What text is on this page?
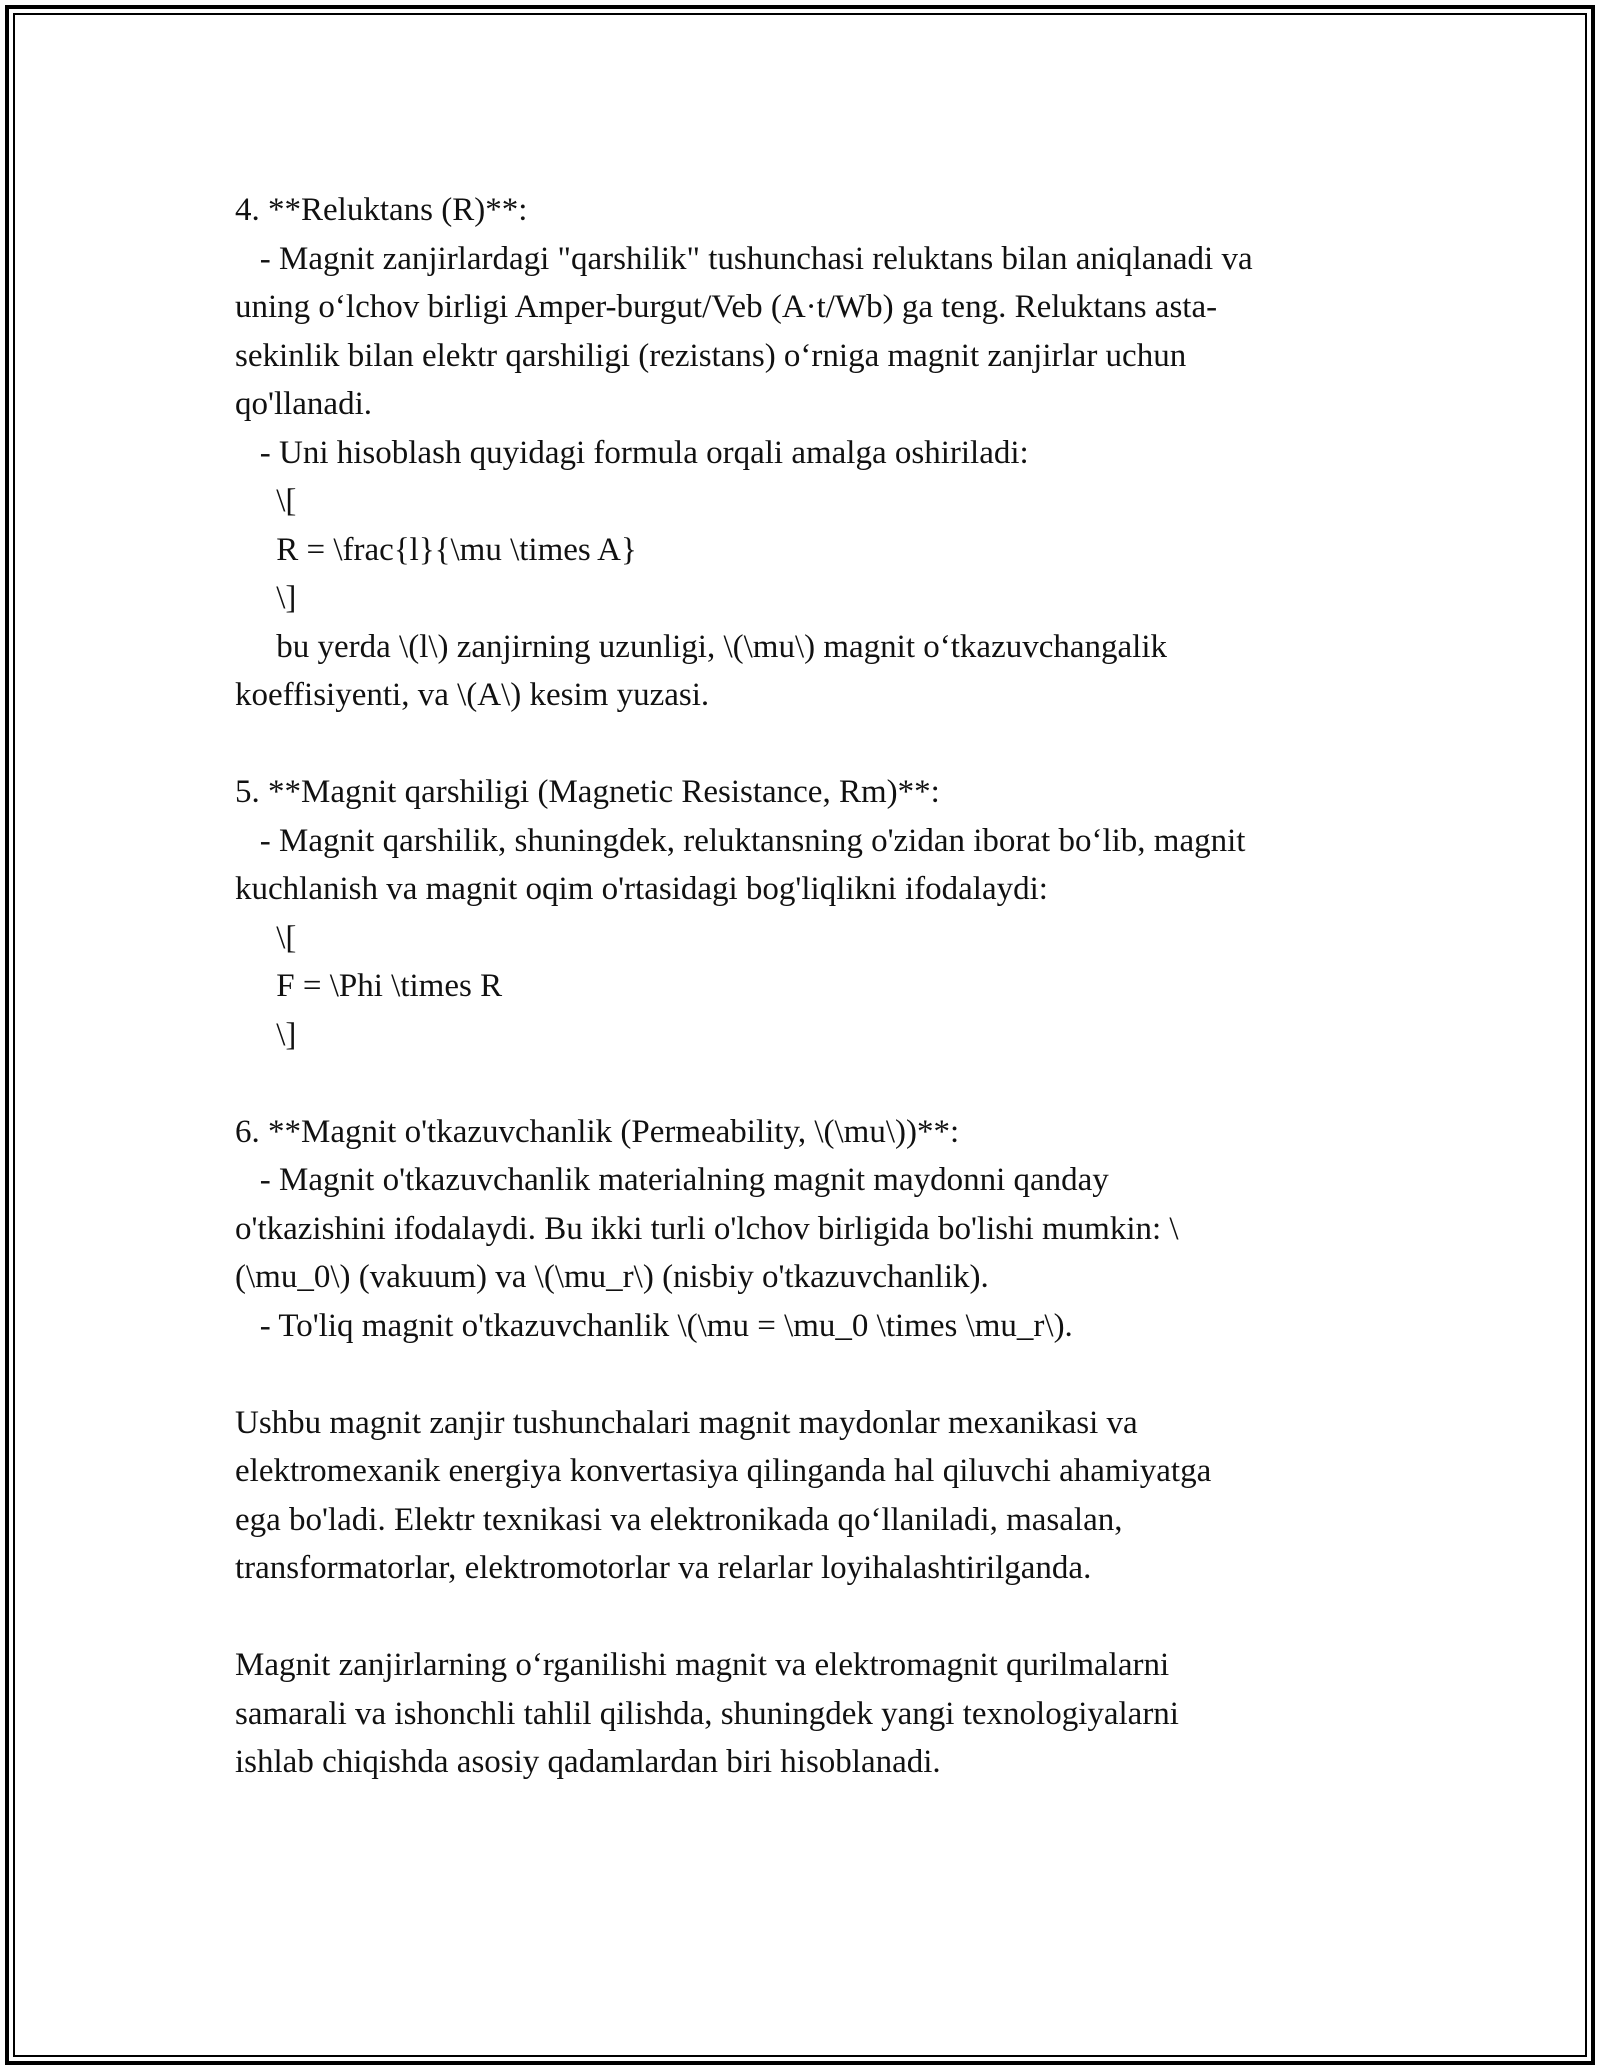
4. **Reluktans (R)**:
- Magnit zanjirlardagi "qarshilik" tushunchasi reluktans bilan aniqlanadi va
uning o‘lchov birligi Amper-burgut/Veb (A·t/Wb) ga teng. Reluktans asta-
sekinlik bilan elektr qarshiligi (rezistans) o‘rniga magnit zanjirlar uchun
qo'llanadi.
- Uni hisoblash quyidagi formula orqali amalga oshiriladi:
\[
R = \frac{l}{\mu \times A}
\]
bu yerda \(l\) zanjirning uzunligi, \(\mu\) magnit o‘tkazuvchangalik
koeffisiyenti, va \(A\) kesim yuzasi.
5. **Magnit qarshiligi (Magnetic Resistance, Rm)**:
- Magnit qarshilik, shuningdek, reluktansning o'zidan iborat bo‘lib, magnit
kuchlanish va magnit oqim o'rtasidagi bog'liqlikni ifodalaydi:
\[
F = \Phi \times R
\]
6. **Magnit o'tkazuvchanlik (Permeability, \(\mu\))**:
- Magnit o'tkazuvchanlik materialning magnit maydonni qanday
o'tkazishini ifodalaydi. Bu ikki turli o'lchov birligida bo'lishi mumkin: \
(\mu_0\) (vakuum) va \(\mu_r\) (nisbiy o'tkazuvchanlik).
- To'liq magnit o'tkazuvchanlik \(\mu = \mu_0 \times \mu_r\).
Ushbu magnit zanjir tushunchalari magnit maydonlar mexanikasi va
elektromexanik energiya konvertasiya qilinganda hal qiluvchi ahamiyatga
ega bo'ladi. Elektr texnikasi va elektronikada qo‘llaniladi, masalan,
transformatorlar, elektromotorlar va relarlar loyihalashtirilganda.
Magnit zanjirlarning o‘rganilishi magnit va elektromagnit qurilmalarni
samarali va ishonchli tahlil qilishda, shuningdek yangi texnologiyalarni
ishlab chiqishda asosiy qadamlardan biri hisoblanadi.
